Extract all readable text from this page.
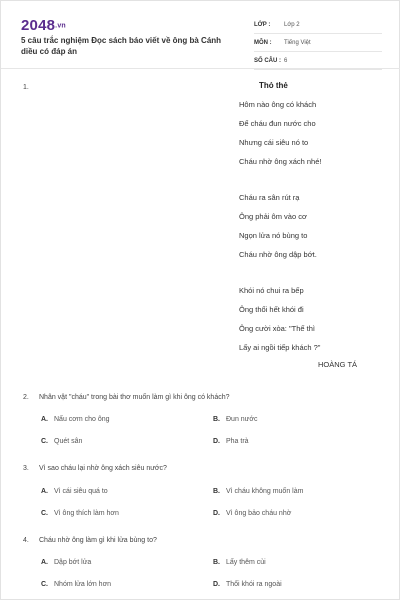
2048.vn
5 câu trắc nghiệm Đọc sách báo viết về ông bà Cánh diều có đáp án
LỚP :	Lớp 2
MÔN :	Tiếng Việt
SỐ CÂU : 6
1.	Thỏ thẻ
Hôm nào ông có khách
Để cháu đun nước cho
Nhưng cái siêu nó to
Cháu nhờ ông xách nhé!
Cháu ra sân rút rạ
Ông phải ôm vào cơ
Ngọn lửa nó bùng to
Cháu nhờ ông dập bớt.
Khói nó chui ra bếp
Ông thổi hết khói đi
Ông cười xòa: "Thế thì
Lấy ai ngồi tiếp khách ?"
HOÀNG TÁ
2. Nhân vật "cháu" trong bài thơ muốn làm gì khi ông có khách?
A. Nấu cơm cho ông	B. Đun nước
C. Quét sân	D. Pha trà
3. Vì sao cháu lại nhờ ông xách siêu nước?
A. Vì cái siêu quá to	B. Vì cháu không muốn làm
C. Vì ông thích làm hơn	D. Vì ông bảo cháu nhờ
4. Cháu nhờ ông làm gì khi lửa bùng to?
A. Dập bớt lửa	B. Lấy thêm củi
C. Nhóm lửa lớn hơn	D. Thổi khói ra ngoài
